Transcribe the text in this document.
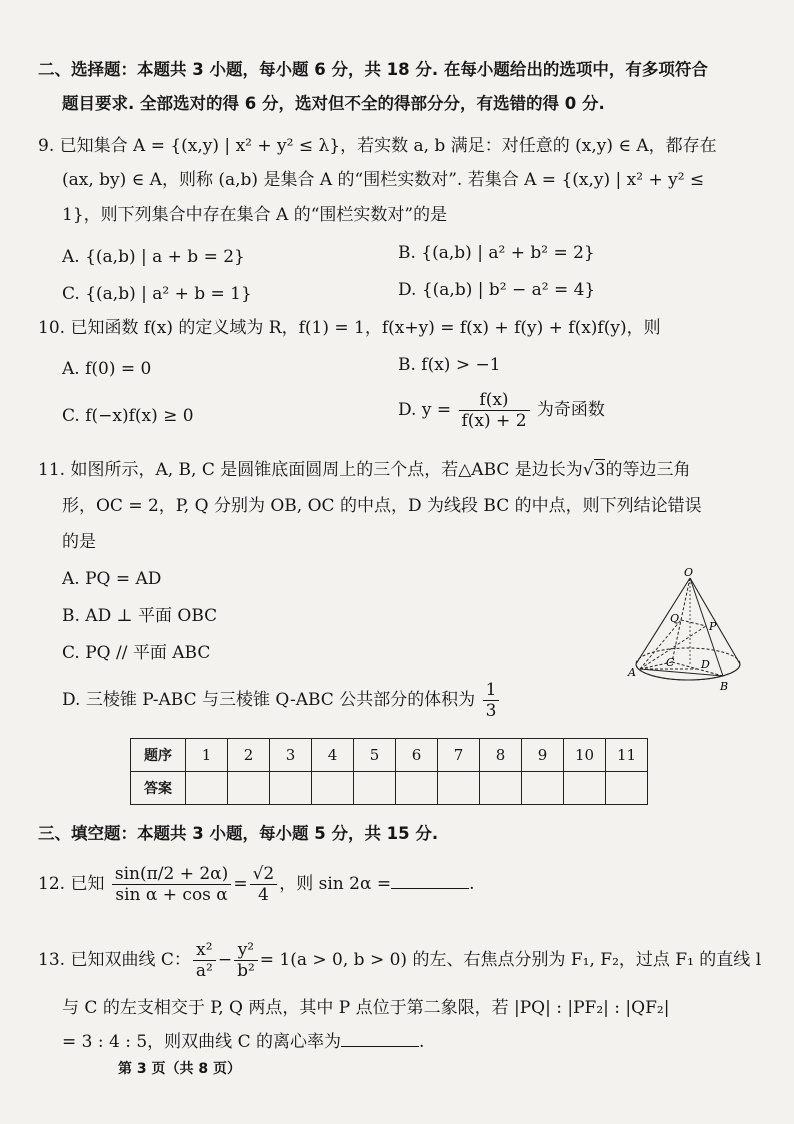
二、选择题：本题共 3 小题，每小题 6 分，共 18 分. 在每小题给出的选项中，有多项符合
题目要求. 全部选对的得 6 分，选对但不全的得部分分，有选错的得 0 分.
9. 已知集合 A = {(x,y) | x² + y² ≤ λ}，若实数 a, b 满足：对任意的 (x,y) ∈ A，都存在
(ax, by) ∈ A，则称 (a,b) 是集合 A 的“围栏实数对”. 若集合 A = {(x,y) | x² + y² ≤
1}，则下列集合中存在集合 A 的“围栏实数对”的是
A. {(a,b) | a + b = 2}	B. {(a,b) | a² + b² = 2}
C. {(a,b) | a² + b = 1}	D. {(a,b) | b² − a² = 4}
10. 已知函数 f(x) 的定义域为 R，f(1) = 1，f(x+y) = f(x) + f(y) + f(x)f(y)，则
A. f(0) = 0	B. f(x) > −1
C. f(−x)f(x) ≥ 0	D. $y = \frac{f(x)}{f(x) + 2}$ 为奇函数
11. 如图所示，A, B, C 是圆锥底面圆周上的三个点，若△ABC 是边长为√3的等边三角
形，OC = 2，P, Q 分别为 OB, OC 的中点，D 为线段 BC 的中点，则下列结论错误
的是
A. PQ = AD
B. AD ⊥ 平面 OBC
C. PQ // 平面 ABC
D. 三棱锥 P-ABC 与三棱锥 Q-ABC 公共部分的体积为 $\frac{1}{3}$
O
Q
P
C D
A
B
题序	1	2	3	4	5	6	7	8	9	10	11
答案											
三、填空题：本题共 3 小题，每小题 5 分，共 15 分.
12. 已知 $\frac{\sin(\pi/2 + 2\alpha)}{\text{sin α + cos α}} = \frac{√2}{4}$ ，则 sin 2α =	.
13. 已知双曲线 C： $\frac{\text{x²}}{\text{a²}} - \frac{\text{y²}}{\text{b²}} = 1(a > 0$, b > 0) 的左、右焦点分别为 F₁, F₂，过点 F₁ 的直线 l
与 C 的左支相交于 P, Q 两点，其中 P 点位于第二象限，若 |PQ| : |PF₂| : |QF₂|
= 3 : 4 : 5，则双曲线 C 的离心率为	.
第 3 页（共 8 页）
